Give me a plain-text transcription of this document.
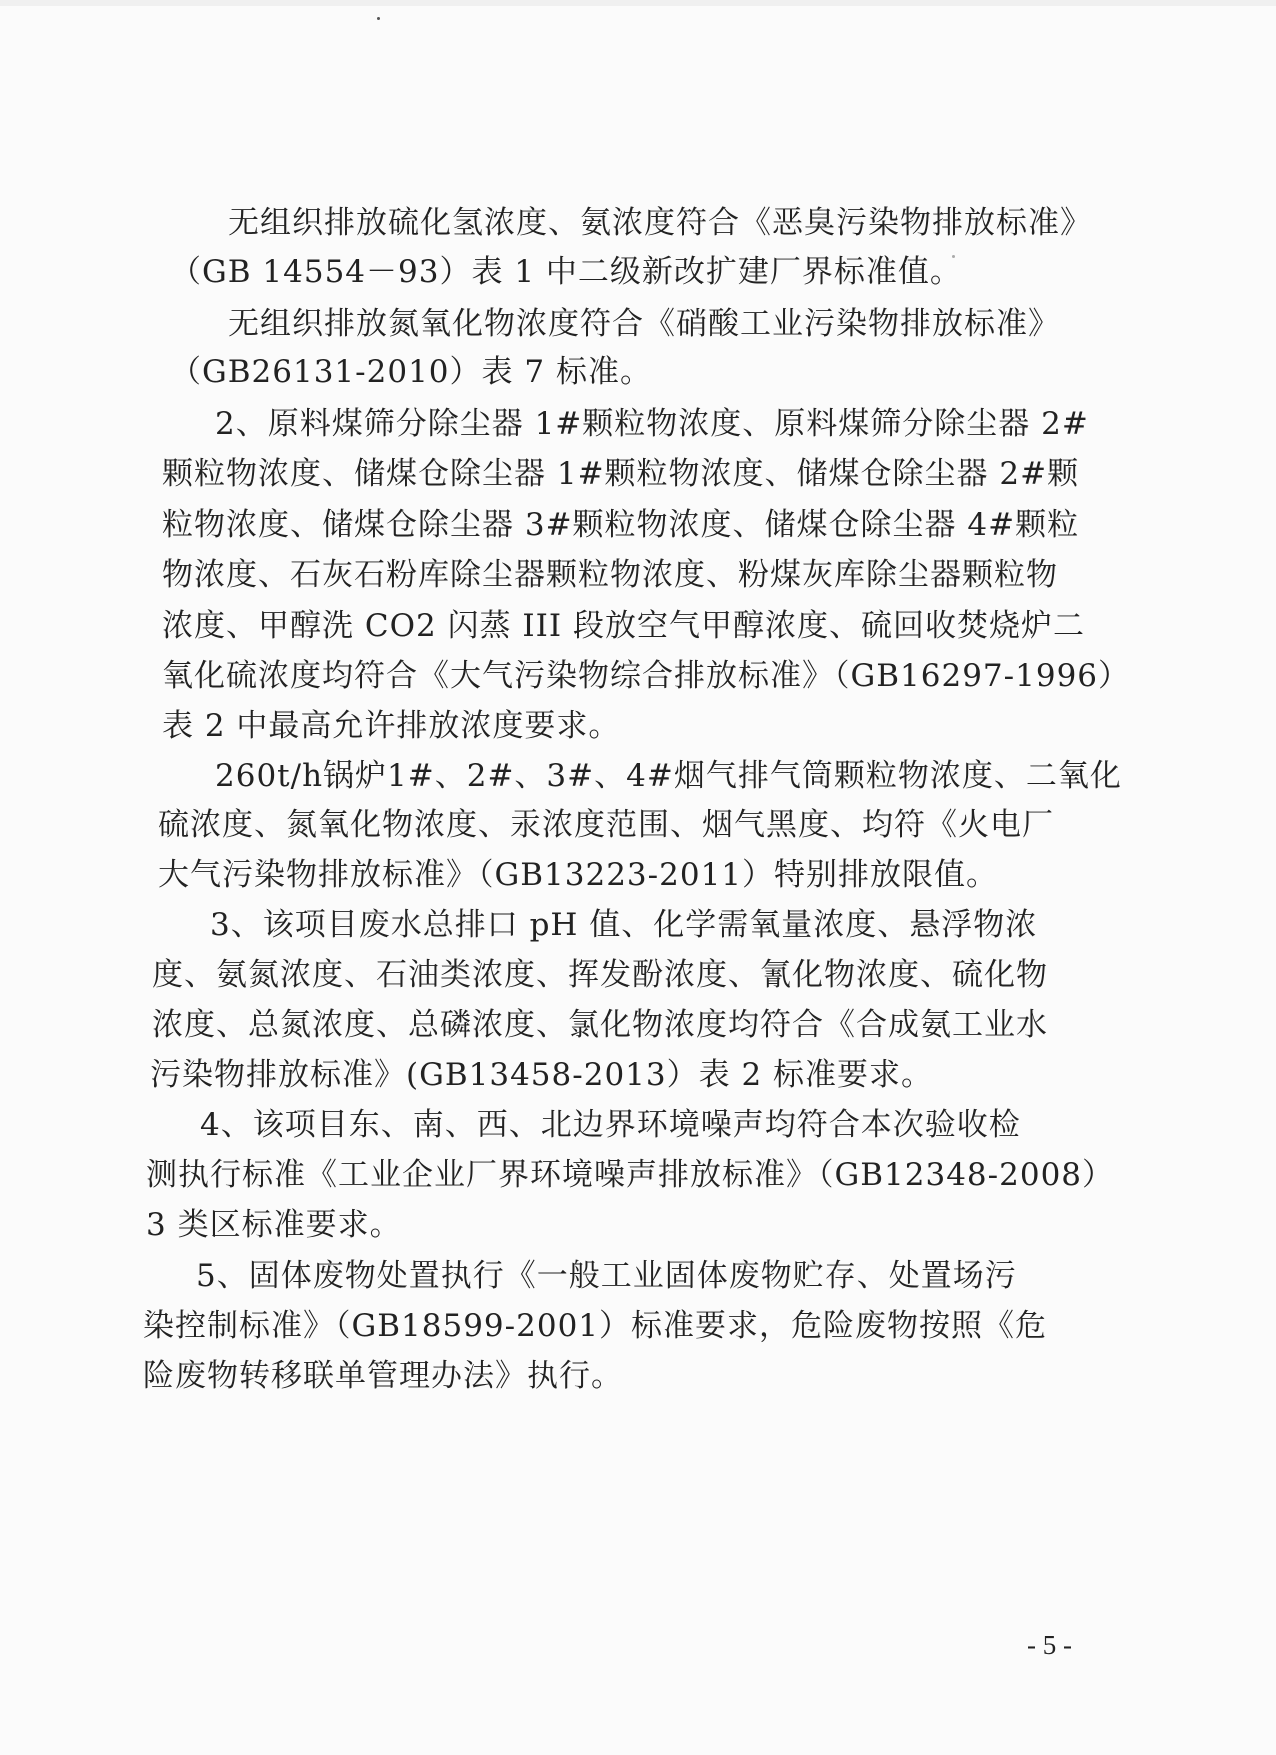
无组织排放硫化氢浓度、氨浓度符合《恶臭污染物排放标准》
（GB 14554－93）表 1 中二级新改扩建厂界标准值。
无组织排放氮氧化物浓度符合《硝酸工业污染物排放标准》
（GB26131-2010）表 7 标准。
2、原料煤筛分除尘器 1#颗粒物浓度、原料煤筛分除尘器 2#
颗粒物浓度、储煤仓除尘器 1#颗粒物浓度、储煤仓除尘器 2#颗
粒物浓度、储煤仓除尘器 3#颗粒物浓度、储煤仓除尘器 4#颗粒
物浓度、石灰石粉库除尘器颗粒物浓度、粉煤灰库除尘器颗粒物
浓度、甲醇洗 CO2 闪蒸 III 段放空气甲醇浓度、硫回收焚烧炉二
氧化硫浓度均符合《大气污染物综合排放标准》（GB16297-1996）
表 2 中最高允许排放浓度要求。
260t/h锅炉1#、2#、3#、4#烟气排气筒颗粒物浓度、二氧化
硫浓度、氮氧化物浓度、汞浓度范围、烟气黑度、均符《火电厂
大气污染物排放标准》（GB13223-2011）特别排放限值。
3、该项目废水总排口 pH 值、化学需氧量浓度、悬浮物浓
度、氨氮浓度、石油类浓度、挥发酚浓度、氰化物浓度、硫化物
浓度、总氮浓度、总磷浓度、氯化物浓度均符合《合成氨工业水
污染物排放标准》(GB13458-2013）表 2 标准要求。
4、该项目东、南、西、北边界环境噪声均符合本次验收检
测执行标准《工业企业厂界环境噪声排放标准》（GB12348-2008）
3 类区标准要求。
5、固体废物处置执行《一般工业固体废物贮存、处置场污
染控制标准》（GB18599-2001）标准要求，危险废物按照《危
险废物转移联单管理办法》执行。
- 5 -
